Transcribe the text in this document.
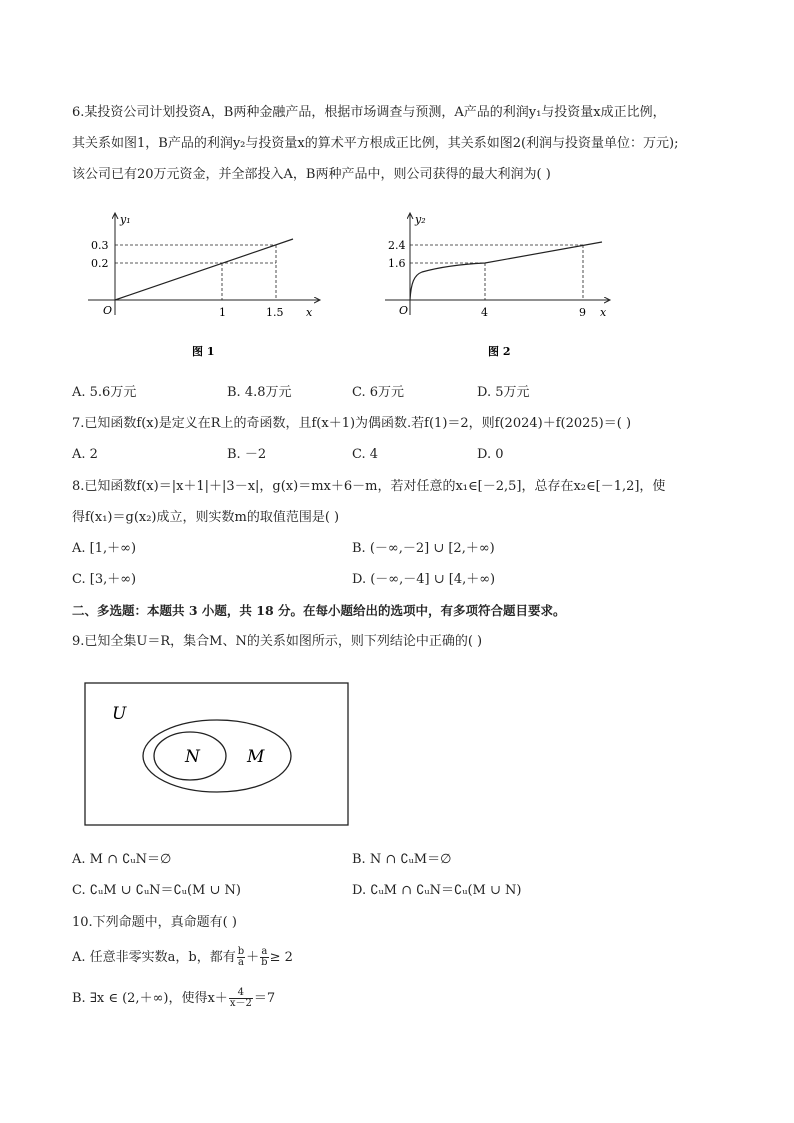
6.某投资公司计划投资A，B两种金融产品，根据市场调查与预测，A产品的利润y₁与投资量x成正比例，
其关系如图1，B产品的利润y₂与投资量x的算术平方根成正比例，其关系如图2(利润与投资量单位：万元);
该公司已有20万元资金，并全部投入A，B两种产品中，则公司获得的最大利润为( )
y₁
0.3
0.2
O	1	1.5 x
图 1
y₂
2.4
1.6
O	4	9 x
图 2
A. 5.6万元	B. 4.8万元	C. 6万元	D. 5万元
7.已知函数f(x)是定义在R上的奇函数，且f(x＋1)为偶函数.若f(1)＝2，则f(2024)＋f(2025)＝( )
A. 2	B. －2	C. 4	D. 0
8.已知函数f(x)＝|x＋1|＋|3－x|，g(x)＝mx＋6－m，若对任意的x₁∈[－2,5]，总存在x₂∈[－1,2]，使
得f(x₁)＝g(x₂)成立，则实数m的取值范围是( )
A. [1,＋∞)	B. (－∞,－2] ∪ [2,＋∞)
C. [3,＋∞)	D. (－∞,－4] ∪ [4,＋∞)
二、多选题：本题共 3 小题，共 18 分。在每小题给出的选项中，有多项符合题目要求。
9.已知全集U＝R，集合M、N的关系如图所示，则下列结论中正确的( )
U
N	M
A. M ∩ ∁ᵤN＝∅	B. N ∩ ∁ᵤM＝∅
C. ∁ᵤM ∪ ∁ᵤN＝∁ᵤ(M ∪ N)	D. ∁ᵤM ∩ ∁ᵤN＝∁ᵤ(M ∪ N)
10.下列命题中，真命题有( )
A. 任意非零实数a，b，都有 $\frac{b}{a} + \frac{a}{b} \ge 2$
B. ∃x ∈ (2,＋∞)，使得$x+ \frac{4}{x-2} =7$
